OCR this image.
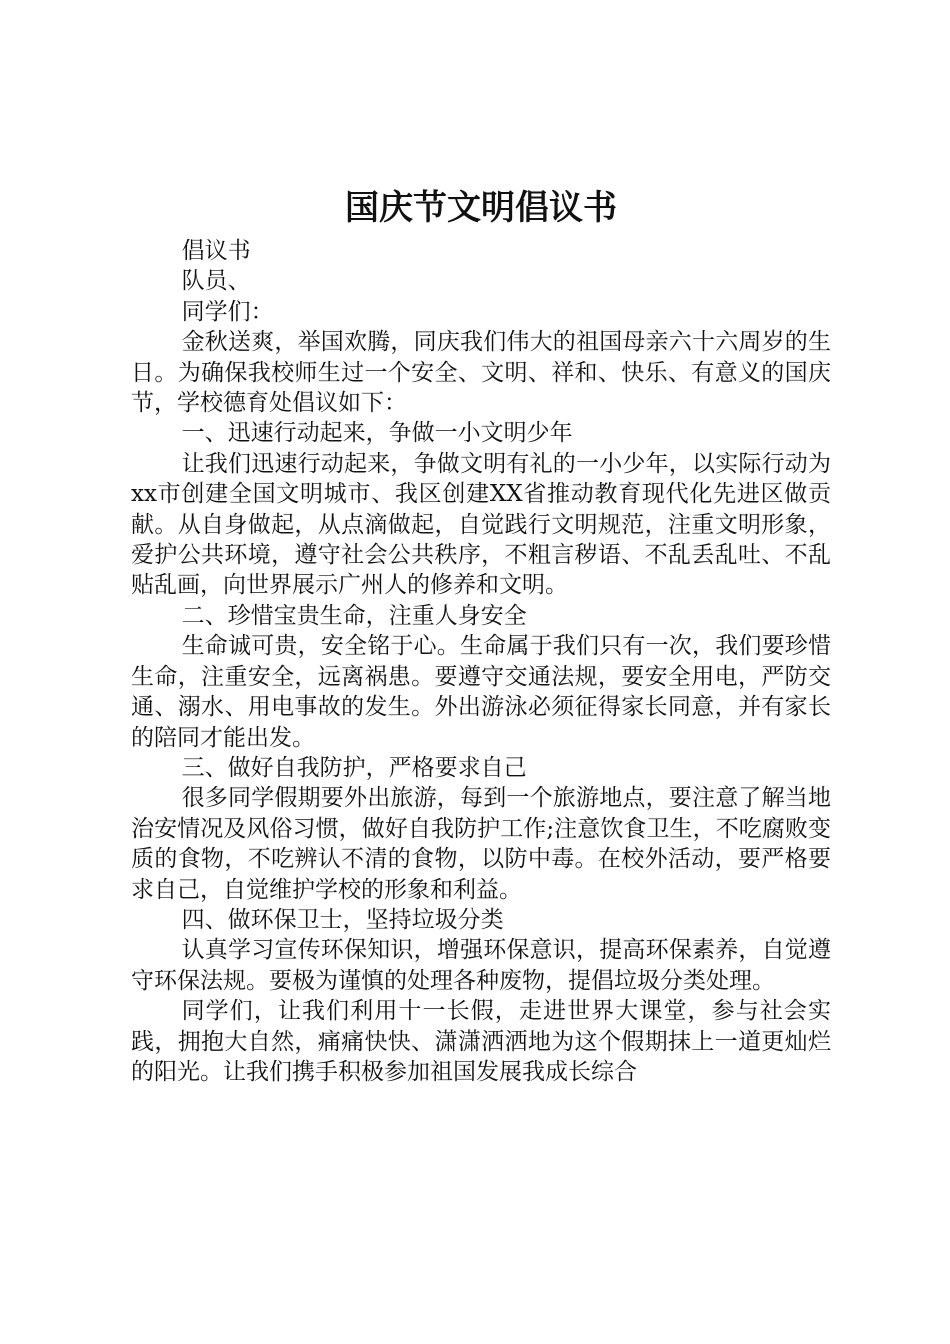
国庆节文明倡议书

倡议书

队员、

同学们：

金秋送爽，举国欢腾，同庆我们伟大的祖国母亲六十六周岁的生日。为确保我校师生过一个安全、文明、祥和、快乐、有意义的国庆节，学校德育处倡议如下：

一、迅速行动起来，争做一小文明少年

让我们迅速行动起来，争做文明有礼的一小少年，以实际行动为xx市创建全国文明城市、我区创建XX省推动教育现代化先进区做贡献。从自身做起，从点滴做起，自觉践行文明规范，注重文明形象，爱护公共环境，遵守社会公共秩序，不粗言秽语、不乱丢乱吐、不乱贴乱画，向世界展示广州人的修养和文明。

二、珍惜宝贵生命，注重人身安全

生命诚可贵，安全铭于心。生命属于我们只有一次，我们要珍惜生命，注重安全，远离祸患。要遵守交通法规，要安全用电，严防交通、溺水、用电事故的发生。外出游泳必须征得家长同意，并有家长的陪同才能出发。

三、做好自我防护，严格要求自己

很多同学假期要外出旅游，每到一个旅游地点，要注意了解当地治安情况及风俗习惯，做好自我防护工作;注意饮食卫生，不吃腐败变质的食物，不吃辨认不清的食物，以防中毒。在校外活动，要严格要求自己，自觉维护学校的形象和利益。

四、做环保卫士，坚持垃圾分类

认真学习宣传环保知识，增强环保意识，提高环保素养，自觉遵守环保法规。要极为谨慎的处理各种废物，提倡垃圾分类处理。

同学们，让我们利用十一长假，走进世界大课堂，参与社会实践，拥抱大自然，痛痛快快、潇潇洒洒地为这个假期抹上一道更灿烂的阳光。让我们携手积极参加祖国发展我成长综合
